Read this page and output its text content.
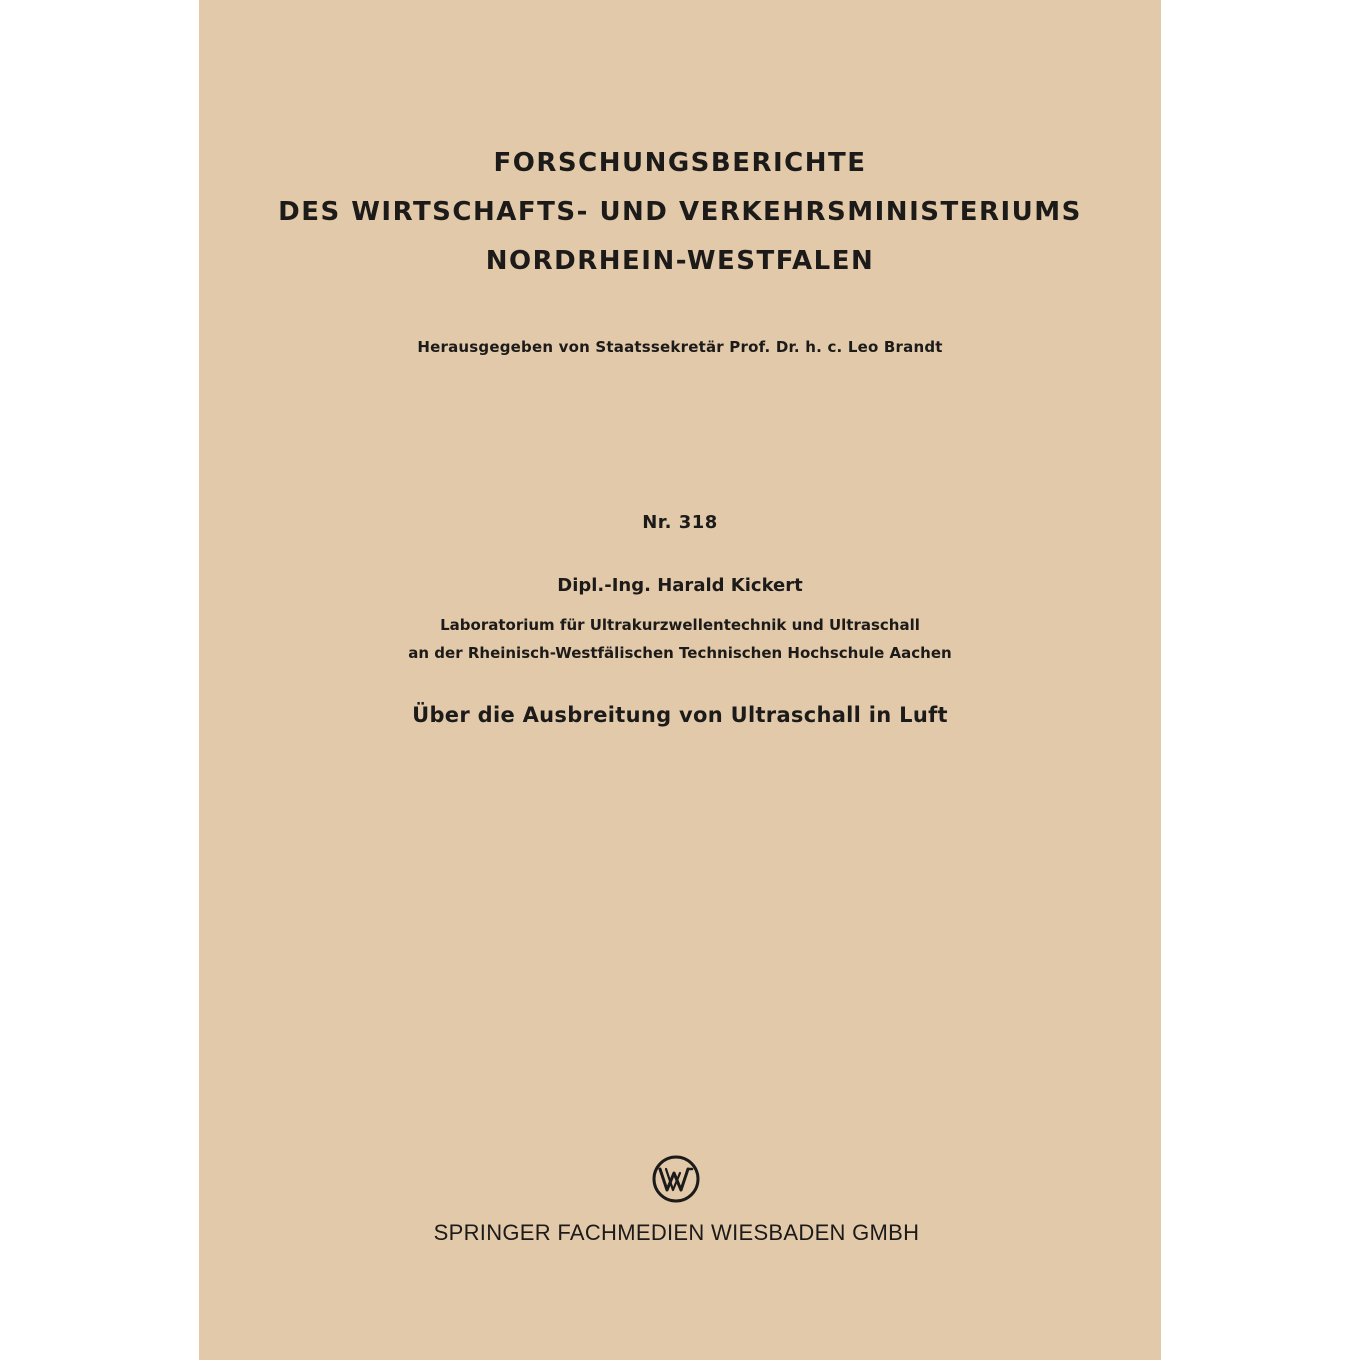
FORSCHUNGSBERICHTE
DES WIRTSCHAFTS- UND VERKEHRSMINISTERIUMS
NORDRHEIN-WESTFALEN
Herausgegeben von Staatssekretär Prof. Dr. h. c. Leo Brandt
Nr. 318
Dipl.-Ing. Harald Kickert
Laboratorium für Ultrakurzwellentechnik und Ultraschall
an der Rheinisch-Westfälischen Technischen Hochschule Aachen
Über die Ausbreitung von Ultraschall in Luft
SPRINGER FACHMEDIEN WIESBADEN GMBH
